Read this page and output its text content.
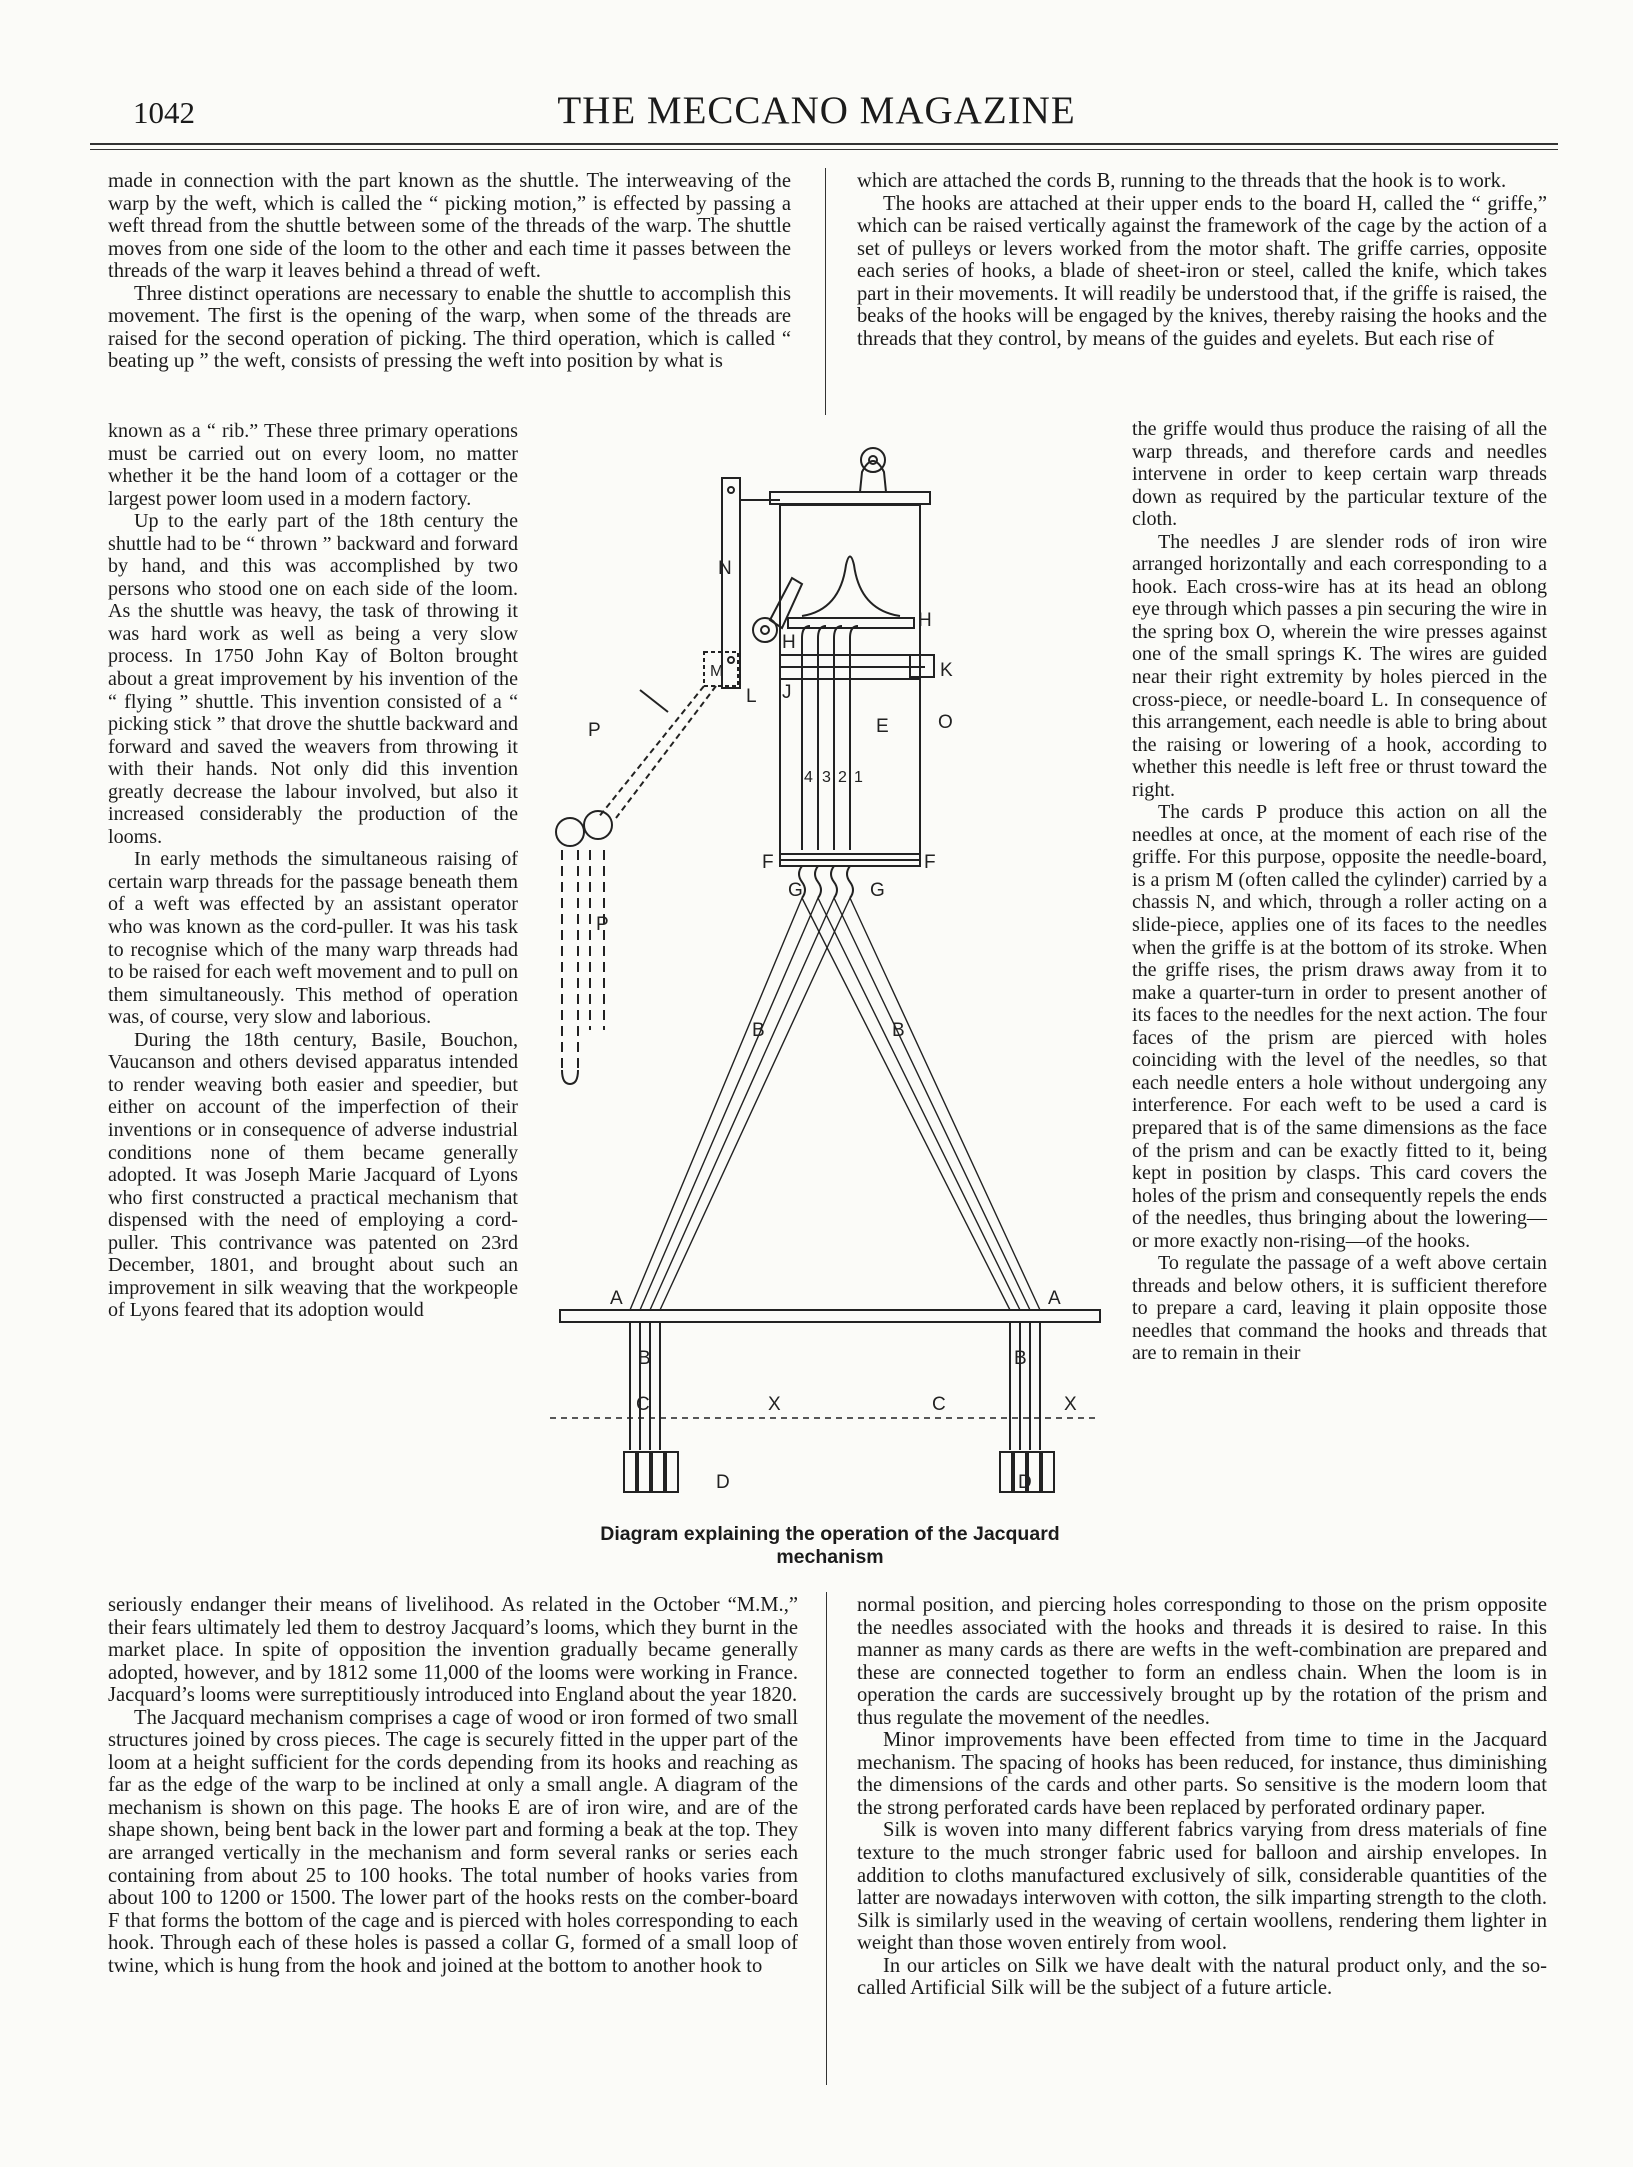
1042	THE MECCANO MAGAZINE

made in connection with the part known as the shuttle. The interweaving of the warp by the weft, which is called the “ picking motion,” is effected by passing a weft thread from the shuttle between some of the threads of the warp. The shuttle moves from one side of the loom to the other and each time it passes between the threads of the warp it leaves behind a thread of weft.

Three distinct operations are necessary to enable the shuttle to accomplish this movement. The first is the opening of the warp, when some of the threads are raised for the second operation of picking. The third operation, which is called “ beating up ” the weft, consists of pressing the weft into position by what is

known as a “ rib.” These three primary operations must be carried out on every loom, no matter whether it be the hand loom of a cottager or the largest power loom used in a modern factory.

Up to the early part of the 18th century the shuttle had to be “ thrown ” backward and forward by hand, and this was accomplished by two persons who stood one on each side of the loom. As the shuttle was heavy, the task of throwing it was hard work as well as being a very slow process. In 1750 John Kay of Bolton brought about a great improvement by his invention of the “ flying ” shuttle. This invention consisted of a “ picking stick ” that drove the shuttle backward and forward and saved the weavers from throwing it with their hands. Not only did this invention greatly decrease the labour involved, but also it increased considerably the production of the looms.

In early methods the simultaneous raising of certain warp threads for the passage beneath them of a weft was effected by an assistant operator who was known as the cord-puller. It was his task to recognise which of the many warp threads had to be raised for each weft movement and to pull on them simultaneously. This method of operation was, of course, very slow and laborious.

During the 18th century, Basile, Bouchon, Vaucanson and others devised apparatus intended to render weaving both easier and speedier, but either on account of the imperfection of their inventions or in consequence of adverse industrial conditions none of them became generally adopted. It was Joseph Marie Jacquard of Lyons who first constructed a practical mechanism that dispensed with the need of employing a cord-puller. This contrivance was patented on 23rd December, 1801, and brought about such an improvement in silk weaving that the workpeople of Lyons feared that its adoption would

seriously endanger their means of livelihood. As related in the October “M.M.,” their fears ultimately led them to destroy Jacquard’s looms, which they burnt in the market place. In spite of opposition the invention gradually became generally adopted, however, and by 1812 some 11,000 of the looms were working in France. Jacquard’s looms were surreptitiously introduced into England about the year 1820.

The Jacquard mechanism comprises a cage of wood or iron formed of two small structures joined by cross pieces. The cage is securely fitted in the upper part of the loom at a height sufficient for the cords depending from its hooks and reaching as far as the edge of the warp to be inclined at only a small angle. A diagram of the mechanism is shown on this page. The hooks E are of iron wire, and are of the shape shown, being bent back in the lower part and forming a beak at the top. They are arranged vertically in the mechanism and form several ranks or series each containing from about 25 to 100 hooks. The total number of hooks varies from about 100 to 1200 or 1500. The lower part of the hooks rests on the comber-board F that forms the bottom of the cage and is pierced with holes corresponding to each hook. Through each of these holes is passed a collar G, formed of a small loop of twine, which is hung from the hook and joined at the bottom to another hook to

which are attached the cords B, running to the threads that the hook is to work.

The hooks are attached at their upper ends to the board H, called the “ griffe,” which can be raised vertically against the framework of the cage by the action of a set of pulleys or levers worked from the motor shaft. The griffe carries, opposite each series of hooks, a blade of sheet-iron or steel, called the knife, which takes part in their movements. It will readily be understood that, if the griffe is raised, the beaks of the hooks will be engaged by the knives, thereby raising the hooks and the threads that they control, by means of the guides and eyelets. But each rise of

the griffe would thus produce the raising of all the warp threads, and therefore cards and needles intervene in order to keep certain warp threads down as required by the particular texture of the cloth.

The needles J are slender rods of iron wire arranged horizontally and each corresponding to a hook. Each cross-wire has at its head an oblong eye through which passes a pin securing the wire in the spring box O, wherein the wire presses against one of the small springs K. The wires are guided near their right extremity by holes pierced in the cross-piece, or needle-board L. In consequence of this arrangement, each needle is able to bring about the raising or lowering of a hook, according to whether this needle is left free or thrust toward the right.

The cards P produce this action on all the needles at once, at the moment of each rise of the griffe. For this purpose, opposite the needle-board, is a prism M (often called the cylinder) carried by a chassis N, and which, through a roller acting on a slide-piece, applies one of its faces to the needles when the griffe is at the bottom of its stroke. When the griffe rises, the prism draws away from it to make a quarter-turn in order to present another of its faces to the needles for the next action. The four faces of the prism are pierced with holes coinciding with the level of the needles, so that each needle enters a hole without undergoing any interference. For each weft to be used a card is prepared that is of the same dimensions as the face of the prism and can be exactly fitted to it, being kept in position by clasps. This card covers the holes of the prism and consequently repels the ends of the needles, thus bringing about the lowering—or more exactly non-rising—of the hooks.

To regulate the passage of a weft above certain threads and below others, it is sufficient therefore to prepare a card, leaving it plain opposite those needles that command the hooks and threads that are to remain in their

normal position, and piercing holes corresponding to those on the prism opposite the needles associated with the hooks and threads it is desired to raise. In this manner as many cards as there are wefts in the weft-combination are prepared and these are connected together to form an endless chain. When the loom is in operation the cards are successively brought up by the rotation of the prism and thus regulate the movement of the needles.

Minor improvements have been effected from time to time in the Jacquard mechanism. The spacing of hooks has been reduced, for instance, thus diminishing the dimensions of the cards and other parts. So sensitive is the modern loom that the strong perforated cards have been replaced by perforated ordinary paper.

Silk is woven into many different fabrics varying from dress materials of fine texture to the much stronger fabric used for balloon and airship envelopes. In addition to cloths manufactured exclusively of silk, considerable quantities of the latter are nowadays interwoven with cotton, the silk imparting strength to the cloth. Silk is similarly used in the weaving of certain woollens, rendering them lighter in weight than those woven entirely from wool.

In our articles on Silk we have dealt with the natural product only, and the so-called Artificial Silk will be the subject of a future article.

N
M
H
H
K
J
L
E	O
P
P
4 3 2 1
F	F
G	G
B	B
A	A
B	B
C	C
X	X
D	D
Diagram explaining the operation of the Jacquard mechanism
